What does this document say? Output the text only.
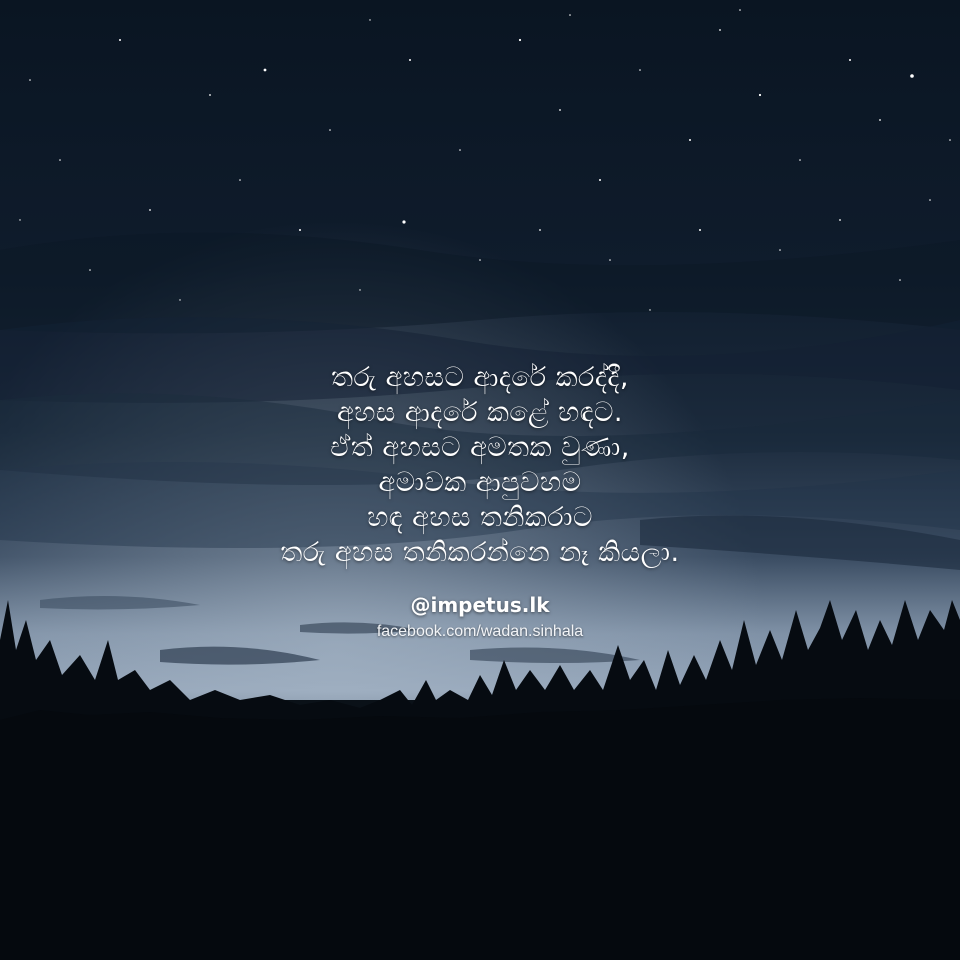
තරු අහසට ආදරේ කරද්දී,
අහස ආදරේ කළේ හඳට.
ඒත් අහසට අමතක වුණා,
අමාවක ආපුවහම
හඳ අහස තනිකරාට
තරු අහස තනිකරන්නෙ නෑ කියලා.
@impetus.lk
facebook.com/wadan.sinhala
